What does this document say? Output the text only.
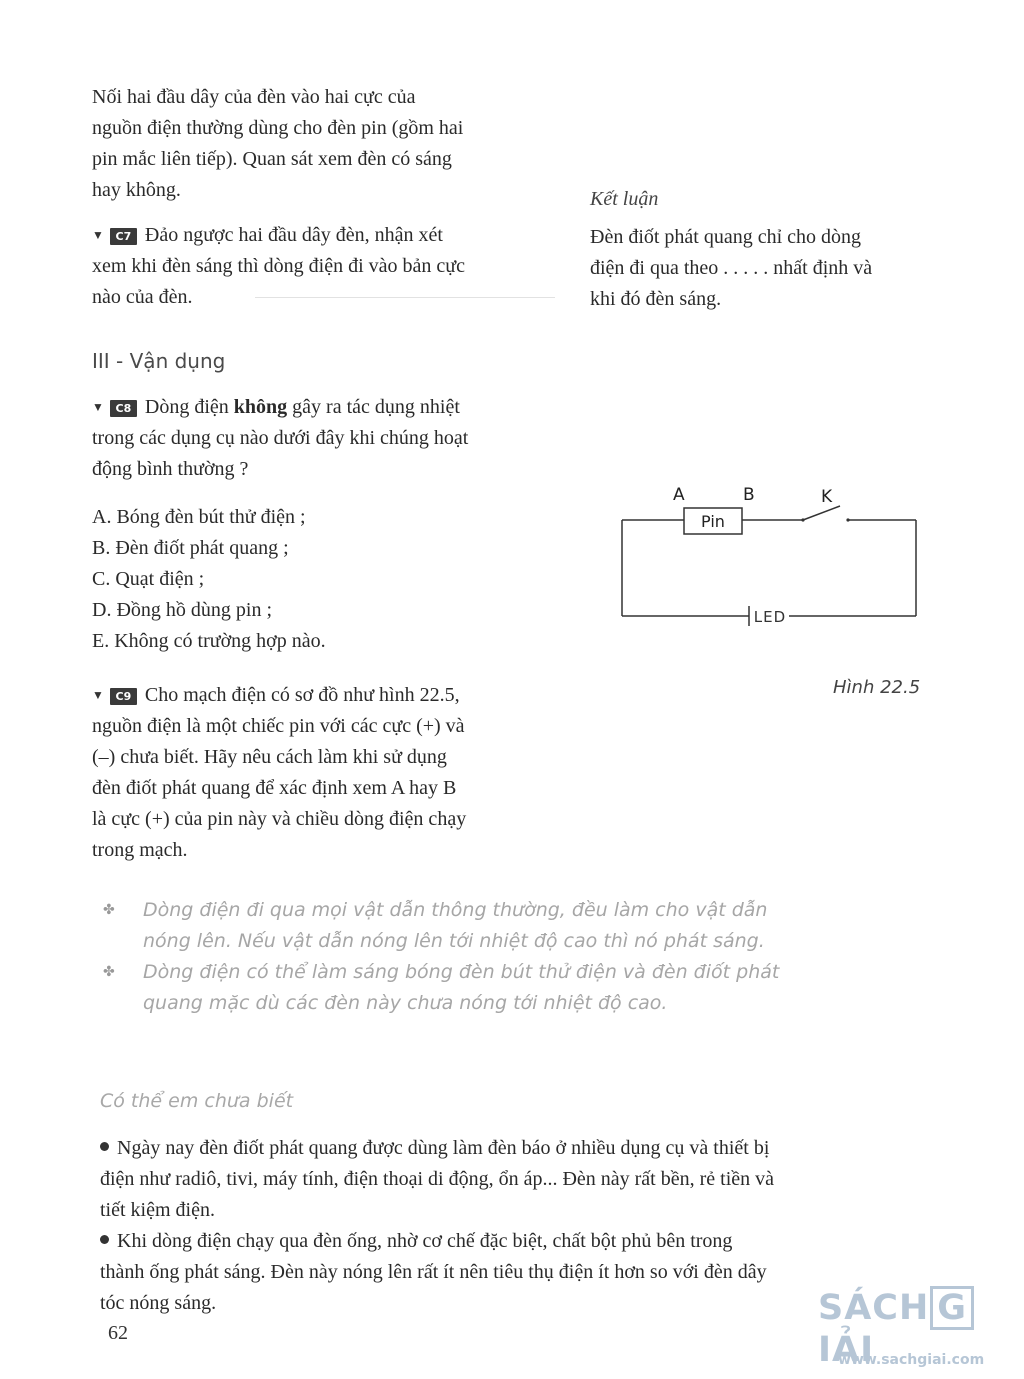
Nối hai đầu dây của đèn vào hai cực của

nguồn điện thường dùng cho đèn pin (gồm hai

pin mắc liên tiếp). Quan sát xem đèn có sáng

hay không.

▼ C7 Đảo ngược hai đầu dây đèn, nhận xét

xem khi đèn sáng thì dòng điện đi vào bản cực

nào của đèn.

III - Vận dụng

▼ C8 Dòng điện không gây ra tác dụng nhiệt

trong các dụng cụ nào dưới đây khi chúng hoạt

động bình thường ?

A. Bóng đèn bút thử điện ;
B. Đèn điốt phát quang ;
C. Quạt điện ;
D. Đồng hồ dùng pin ;
E. Không có trường hợp nào.

▼ C9 Cho mạch điện có sơ đồ như hình 22.5,

nguồn điện là một chiếc pin với các cực (+) và

(–) chưa biết. Hãy nêu cách làm khi sử dụng

đèn điốt phát quang để xác định xem A hay B

là cực (+) của pin này và chiều dòng điện chạy

trong mạch.

Kết luận

Đèn điốt phát quang chỉ cho dòng

điện đi qua theo . . . . . nhất định và

khi đó đèn sáng.

A	B	K
Pin
LED
Hình 22.5
✤	Dòng điện đi qua mọi vật dẫn thông thường, đều làm cho vật dẫn
nóng lên. Nếu vật dẫn nóng lên tới nhiệt độ cao thì nó phát sáng.
✤	Dòng điện có thể làm sáng bóng đèn bút thử điện và đèn điốt phát
quang mặc dù các đèn này chưa nóng tới nhiệt độ cao.
Có thể em chưa biết

Ngày nay đèn điốt phát quang được dùng làm đèn báo ở nhiều dụng cụ và thiết bị

điện như radiô, tivi, máy tính, điện thoại di động, ổn áp... Đèn này rất bền, rẻ tiền và

tiết kiệm điện.

Khi dòng điện chạy qua đèn ống, nhờ cơ chế đặc biệt, chất bột phủ bên trong

thành ống phát sáng. Đèn này nóng lên rất ít nên tiêu thụ điện ít hơn so với đèn dây

tóc nóng sáng.

62
SÁCH GIẢI
www.sachgiai.com
